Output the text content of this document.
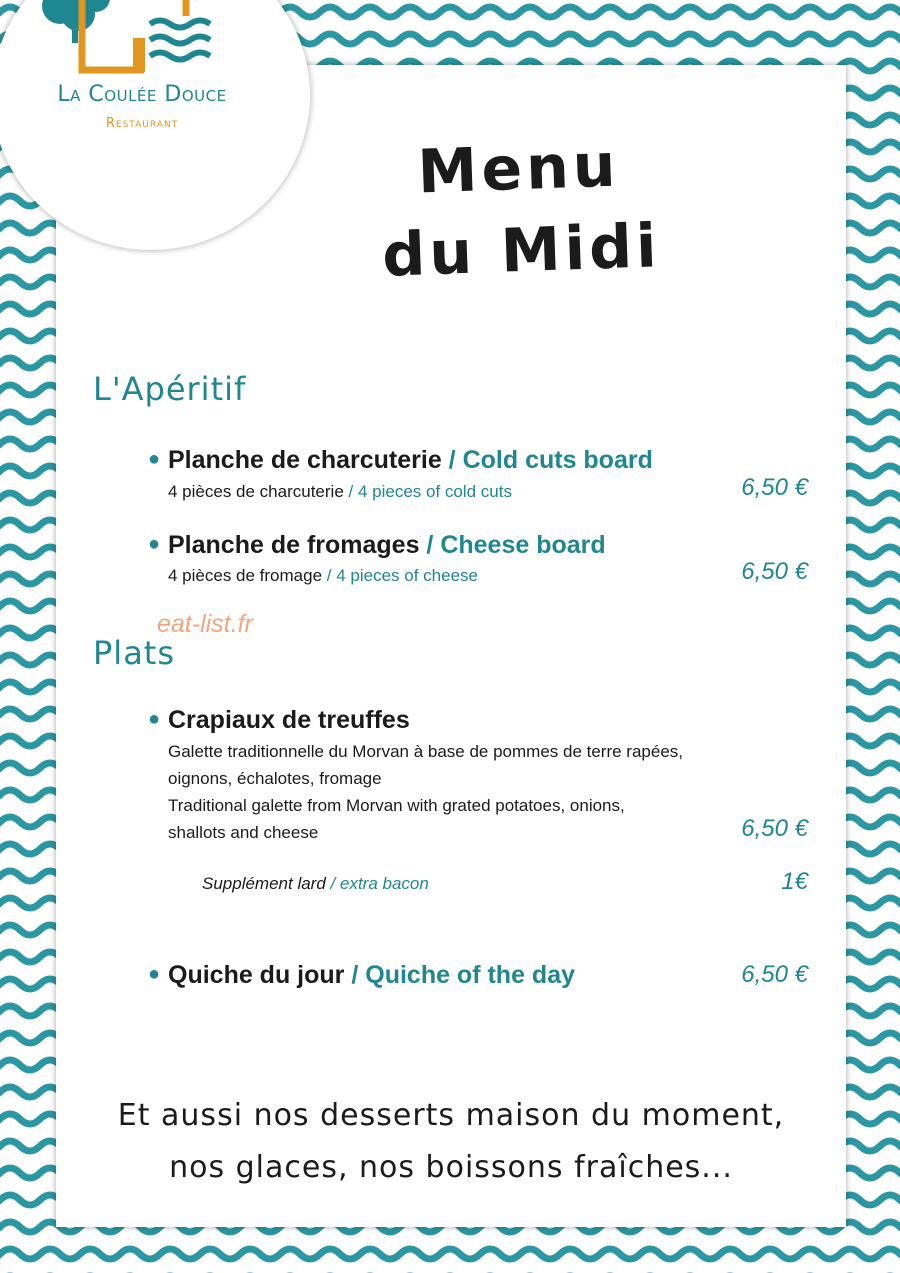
La Coulée Douce
Restaurant
Menu
du Midi
L'Apéritif
● Planche de charcuterie / Cold cuts board
4 pièces de charcuterie / 4 pieces of cold cuts	6,50 €
● Planche de fromages / Cheese board
4 pièces de fromage / 4 pieces of cheese	6,50 €
eat-list.fr
Plats
● Crapiaux de treuffes
Galette traditionnelle du Morvan à base de pommes de terre rapées,
oignons, échalotes, fromage
Traditional galette from Morvan with grated potatoes, onions,
shallots and cheese	6,50 €
Supplément lard / extra bacon	1€
● Quiche du jour / Quiche of the day	6,50 €
Et aussi nos desserts maison du moment,
nos glaces, nos boissons fraîches...
